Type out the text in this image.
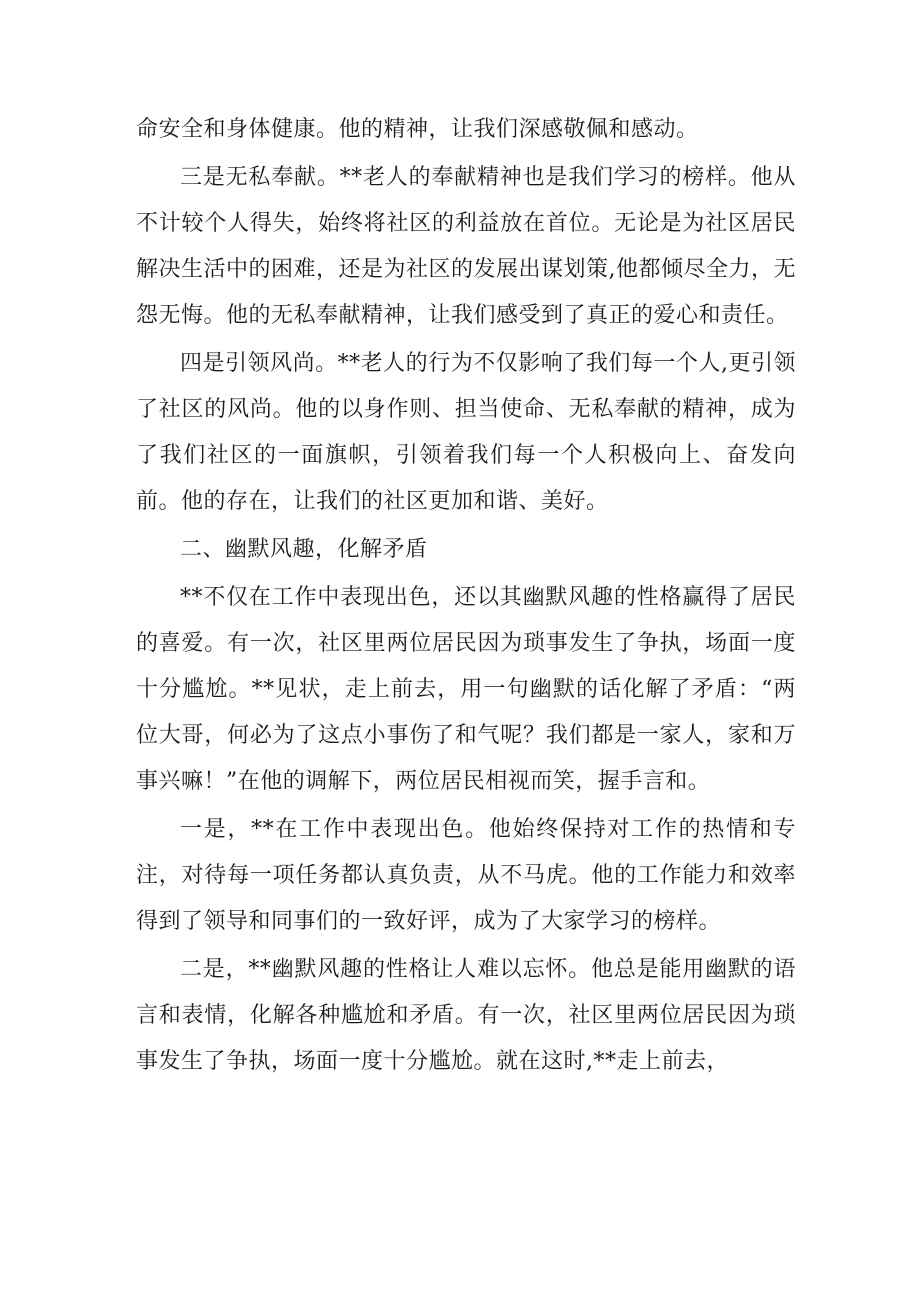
命安全和身体健康。他的精神，让我们深感敬佩和感动。

三是无私奉献。**老人的奉献精神也是我们学习的榜样。他从不计较个人得失，始终将社区的利益放在首位。无论是为社区居民解决生活中的困难，还是为社区的发展出谋划策,他都倾尽全力，无怨无悔。他的无私奉献精神，让我们感受到了真正的爱心和责任。

四是引领风尚。**老人的行为不仅影响了我们每一个人,更引领了社区的风尚。他的以身作则、担当使命、无私奉献的精神，成为了我们社区的一面旗帜，引领着我们每一个人积极向上、奋发向前。他的存在，让我们的社区更加和谐、美好。

二、幽默风趣，化解矛盾

**不仅在工作中表现出色，还以其幽默风趣的性格赢得了居民的喜爱。有一次，社区里两位居民因为琐事发生了争执，场面一度十分尴尬。**见状，走上前去，用一句幽默的话化解了矛盾：“两位大哥，何必为了这点小事伤了和气呢？我们都是一家人，家和万事兴嘛！”在他的调解下，两位居民相视而笑，握手言和。

一是，**在工作中表现出色。他始终保持对工作的热情和专注，对待每一项任务都认真负责，从不马虎。他的工作能力和效率得到了领导和同事们的一致好评，成为了大家学习的榜样。

二是，**幽默风趣的性格让人难以忘怀。他总是能用幽默的语言和表情，化解各种尴尬和矛盾。有一次，社区里两位居民因为琐事发生了争执，场面一度十分尴尬。就在这时,**走上前去，
